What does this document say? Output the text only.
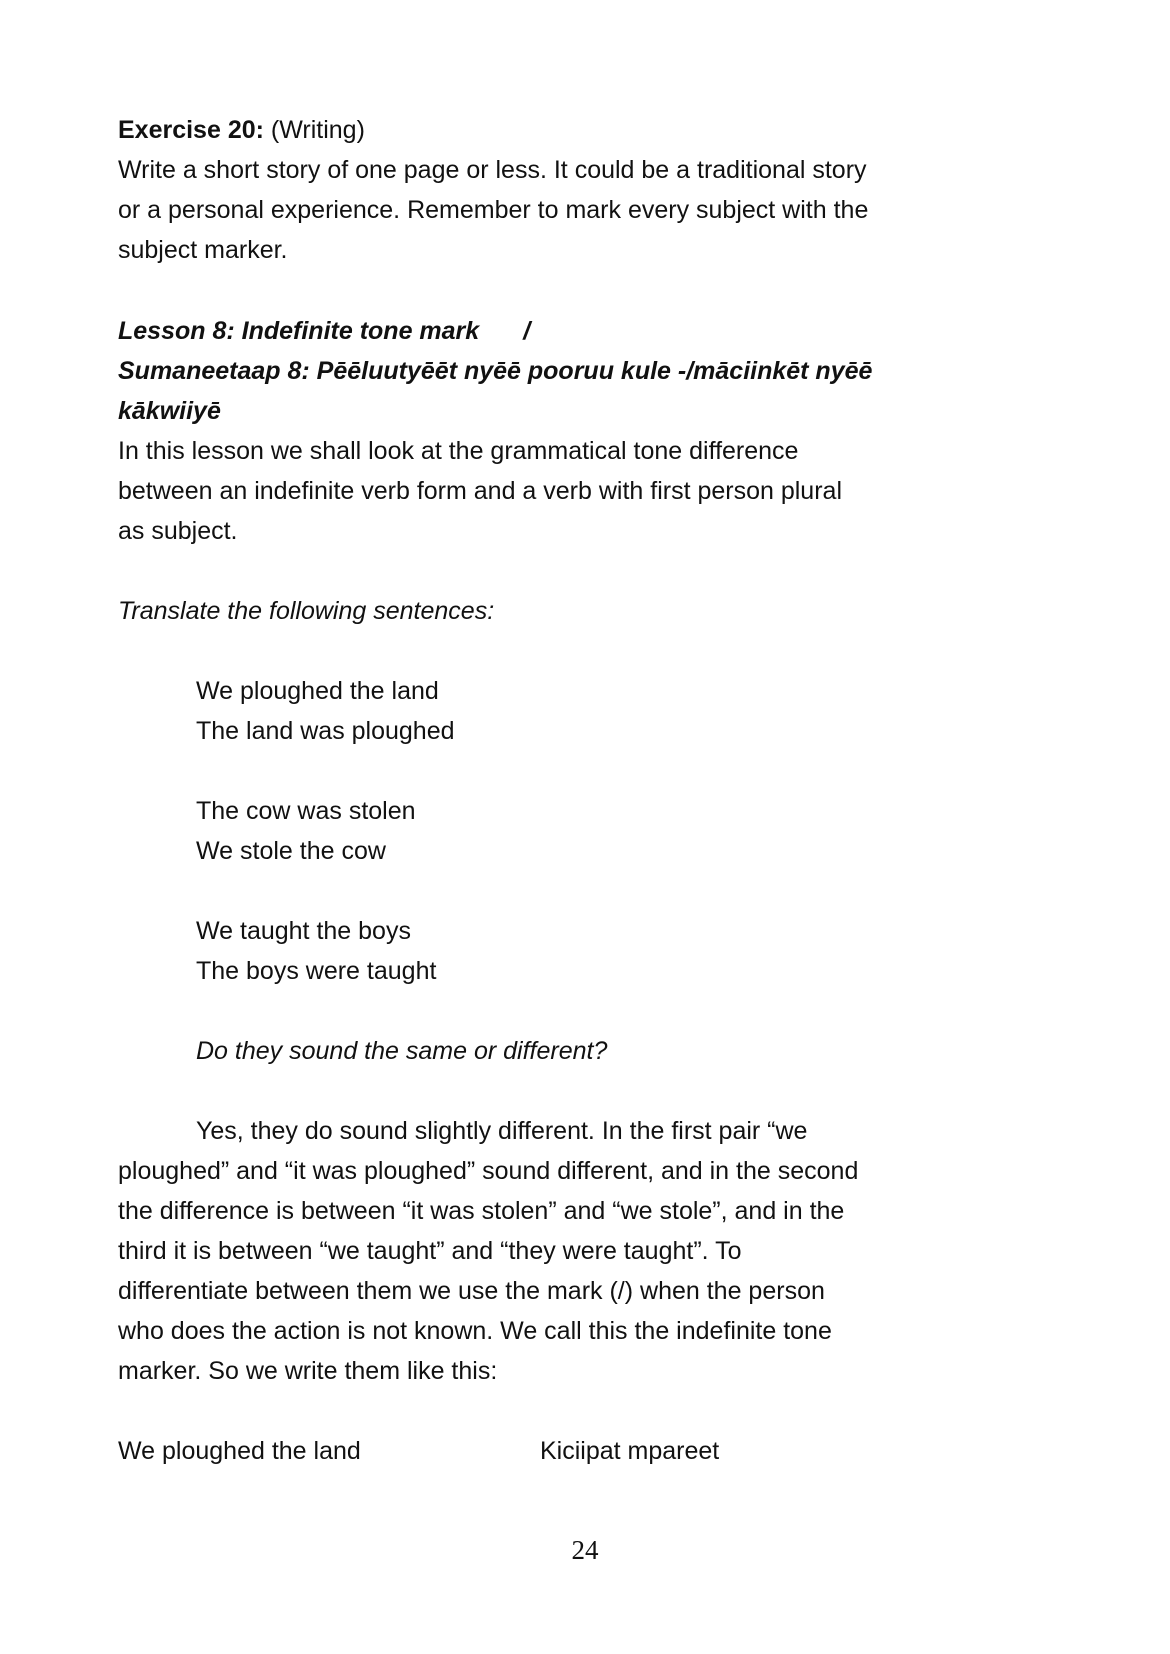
Exercise 20: (Writing)
Write a short story of one page or less. It could be a traditional story
or a personal experience. Remember to mark every subject with the
subject marker.
Lesson 8: Indefinite tone mark /
Sumaneetaap 8: Pēēluutyēēt nyēē pooruu kule -/māciinkēt nyēē
kākwiiyē
In this lesson we shall look at the grammatical tone difference
between an indefinite verb form and a verb with first person plural
as subject.
Translate the following sentences:
We ploughed the land
The land was ploughed
The cow was stolen
We stole the cow
We taught the boys
The boys were taught
Do they sound the same or different?
Yes, they do sound slightly different. In the first pair “we
ploughed” and “it was ploughed” sound different, and in the second
the difference is between “it was stolen” and “we stole”, and in the
third it is between “we taught” and “they were taught”. To
differentiate between them we use the mark (/) when the person
who does the action is not known. We call this the indefinite tone
marker. So we write them like this:
We ploughed the land	Kiciipat mpareet
24
